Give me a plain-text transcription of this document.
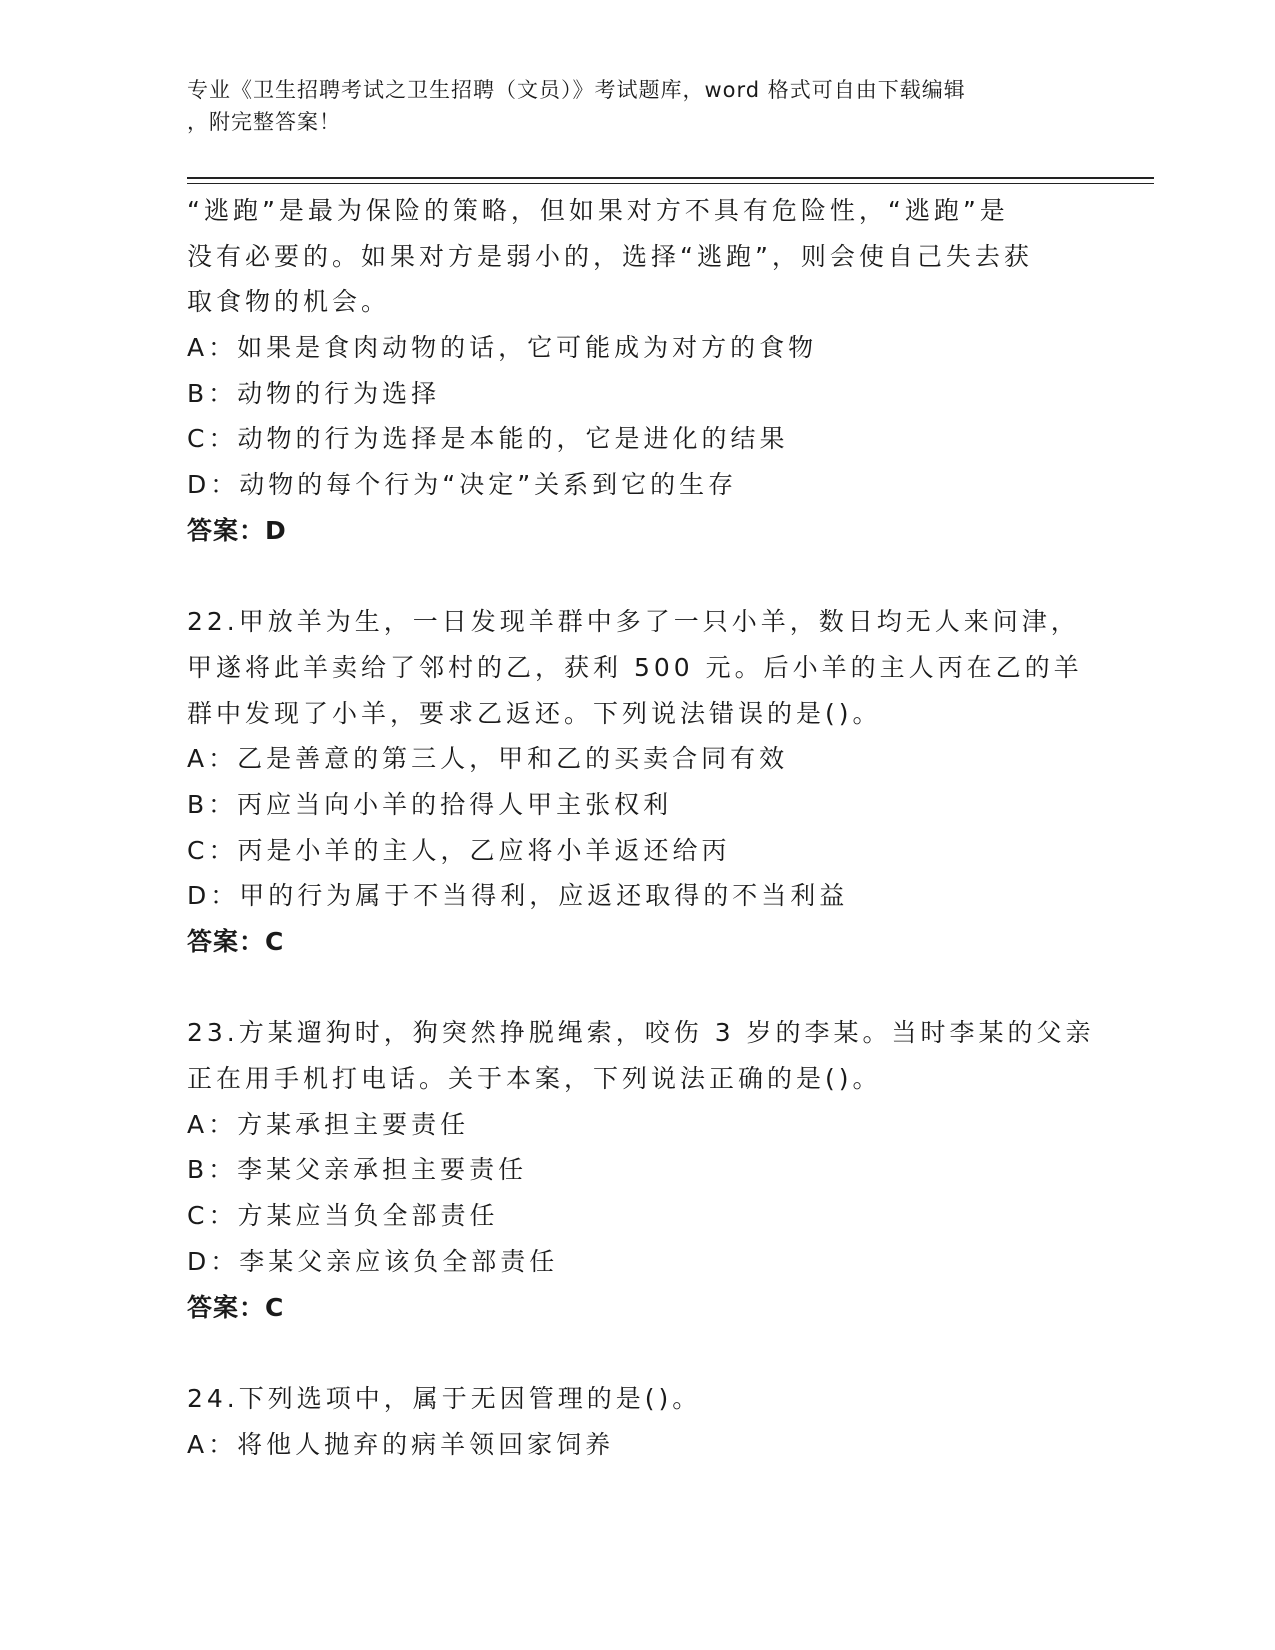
专业《卫生招聘考试之卫生招聘（文员）》考试题库，word 格式可自由下载编辑
，附完整答案！
“逃跑”是最为保险的策略，但如果对方不具有危险性，“逃跑”是
没有必要的。如果对方是弱小的，选择“逃跑”，则会使自己失去获
取食物的机会。
A：如果是食肉动物的话，它可能成为对方的食物
B：动物的行为选择
C：动物的行为选择是本能的，它是进化的结果
D：动物的每个行为“决定”关系到它的生存
答案：D
22.甲放羊为生，一日发现羊群中多了一只小羊，数日均无人来问津，
甲遂将此羊卖给了邻村的乙，获利 500 元。后小羊的主人丙在乙的羊
群中发现了小羊，要求乙返还。下列说法错误的是()。
A：乙是善意的第三人，甲和乙的买卖合同有效
B：丙应当向小羊的拾得人甲主张权利
C：丙是小羊的主人，乙应将小羊返还给丙
D：甲的行为属于不当得利，应返还取得的不当利益
答案：C
23.方某遛狗时，狗突然挣脱绳索，咬伤 3 岁的李某。当时李某的父亲
正在用手机打电话。关于本案，下列说法正确的是()。
A：方某承担主要责任
B：李某父亲承担主要责任
C：方某应当负全部责任
D：李某父亲应该负全部责任
答案：C
24.下列选项中，属于无因管理的是()。
A：将他人抛弃的病羊领回家饲养
